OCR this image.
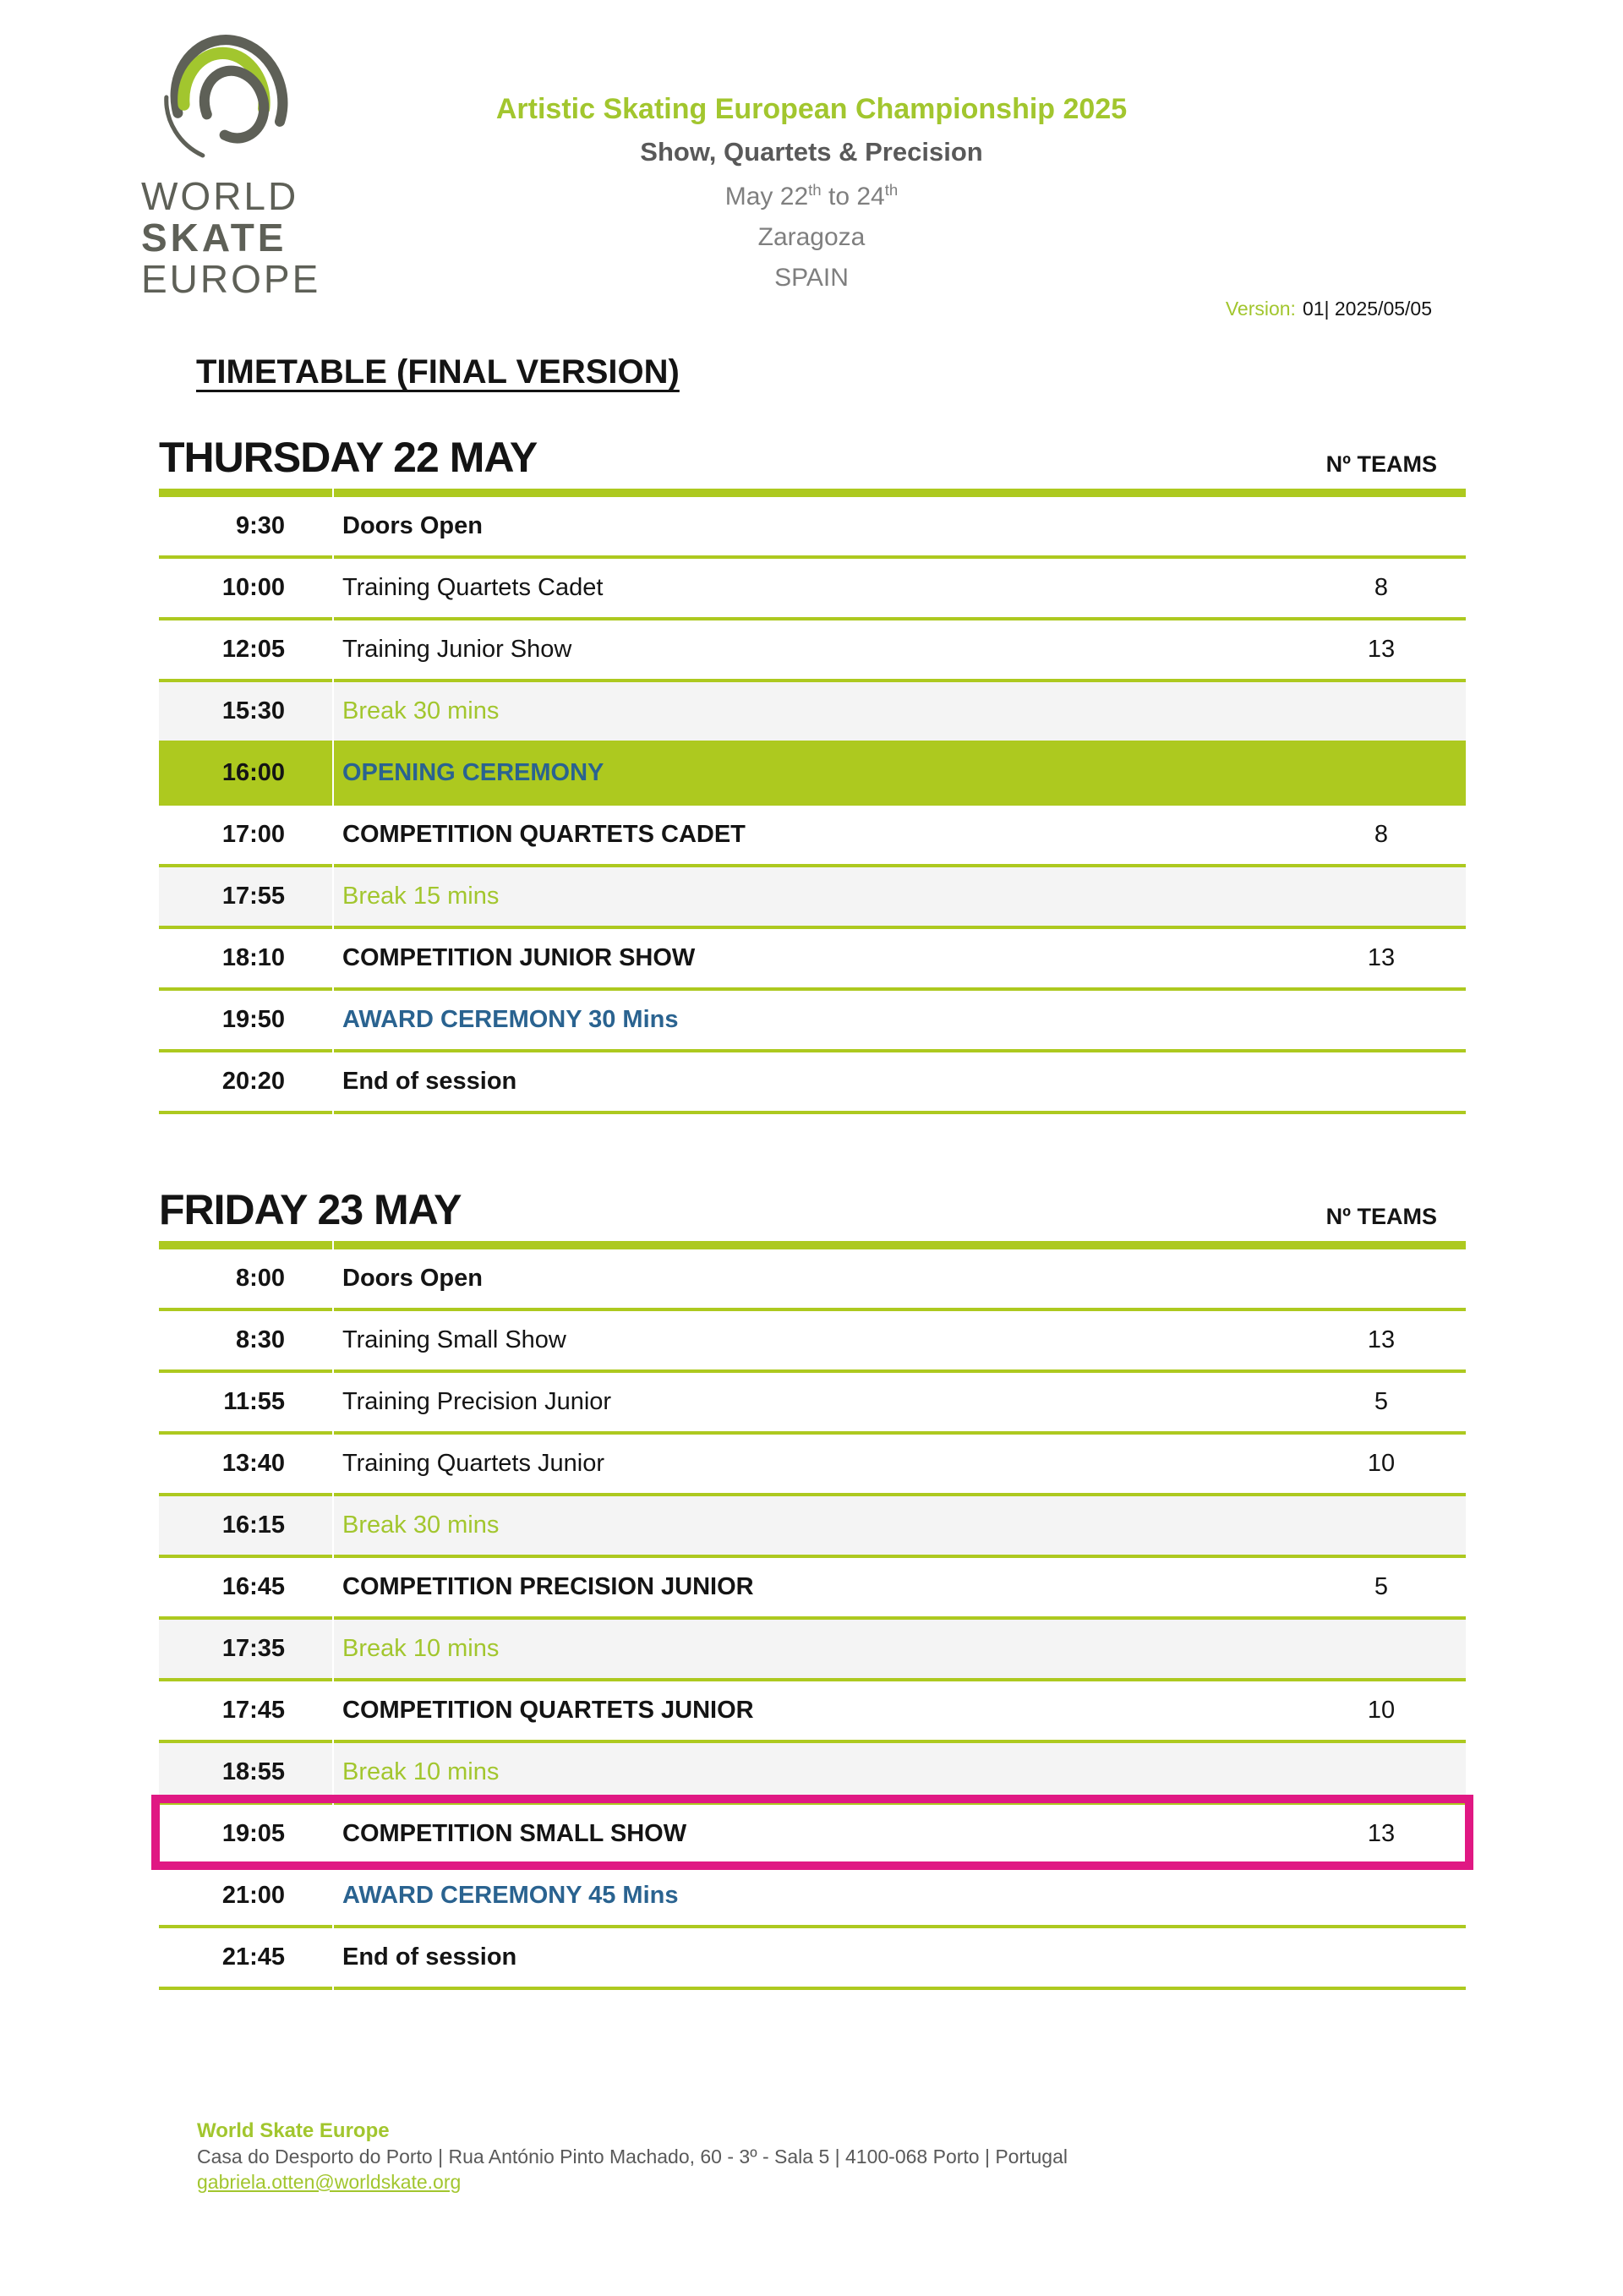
WORLD
SKATE
EUROPE
Artistic Skating European Championship 2025
Show, Quartets & Precision
May 22th to 24th
Zaragoza
SPAIN
Version: 01| 2025/05/05
TIMETABLE (FINAL VERSION)
THURSDAY 22 MAY	Nº TEAMS
9:30	Doors Open
10:00	Training Quartets Cadet	8
12:05	Training Junior Show	13
15:30	Break 30 mins
16:00	OPENING CEREMONY
17:00	COMPETITION QUARTETS CADET	8
17:55	Break 15 mins
18:10	COMPETITION JUNIOR SHOW	13
19:50	AWARD CEREMONY 30 Mins
20:20	End of session
FRIDAY 23 MAY	Nº TEAMS
8:00	Doors Open
8:30	Training Small Show	13
11:55	Training Precision Junior	5
13:40	Training Quartets Junior	10
16:15	Break 30 mins
16:45	COMPETITION PRECISION JUNIOR	5
17:35	Break 10 mins
17:45	COMPETITION QUARTETS JUNIOR	10
18:55	Break 10 mins
19:05	COMPETITION SMALL SHOW	13
21:00	AWARD CEREMONY 45 Mins
21:45	End of session
World Skate Europe
Casa do Desporto do Porto | Rua António Pinto Machado, 60 - 3º - Sala 5 | 4100-068 Porto | Portugal
gabriela.otten@worldskate.org
